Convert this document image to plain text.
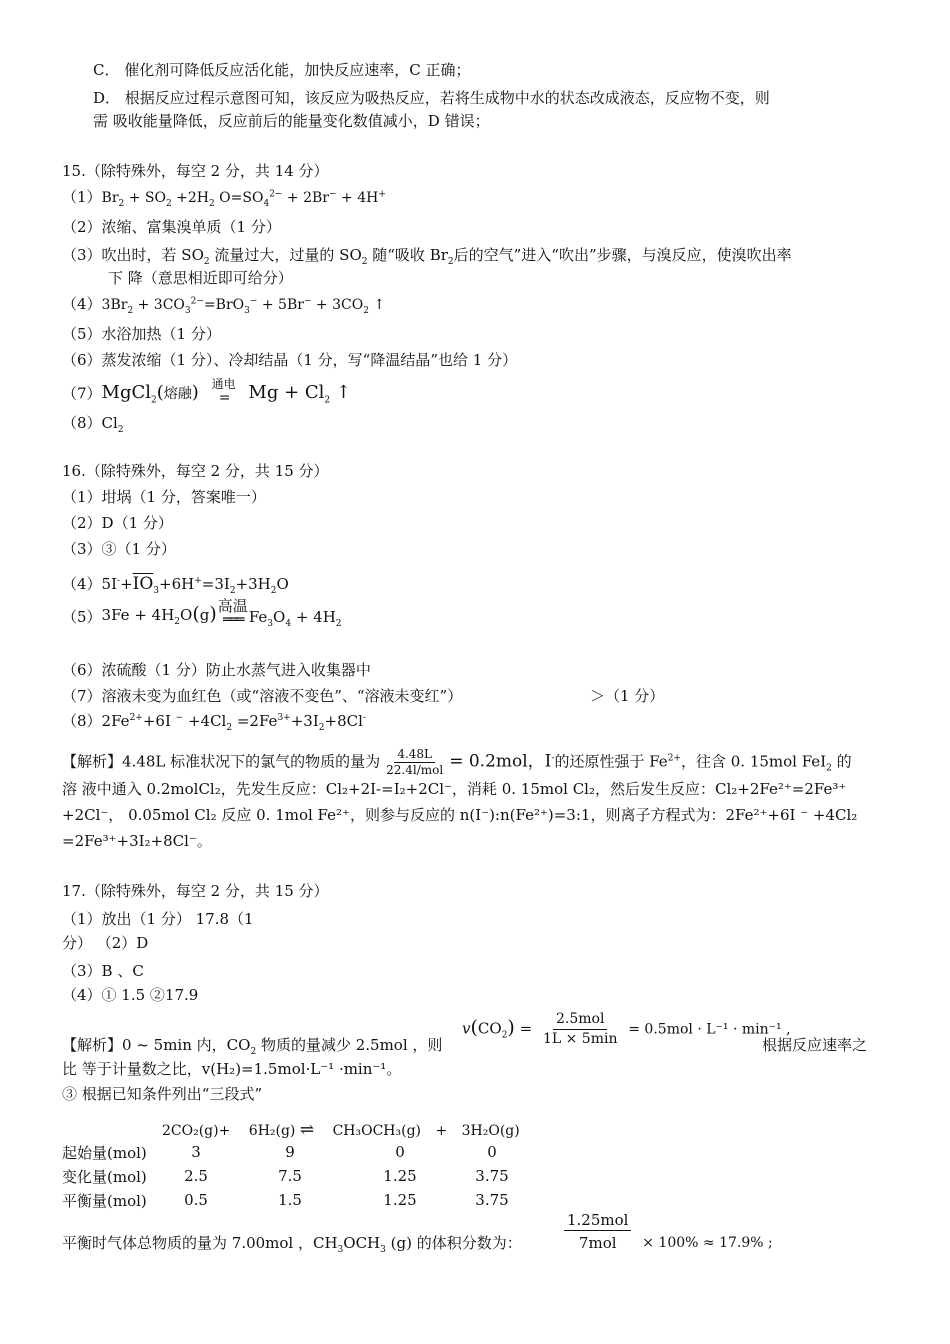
C． 催化剂可降低反应活化能，加快反应速率，C 正确；
D． 根据反应过程示意图可知，该反应为吸热反应，若将生成物中水的状态改成液态，反应物不变，则
需 吸收能量降低，反应前后的能量变化数值减小，D 错误；
15.（除特殊外，每空 2 分，共 14 分）
$(1)Br_2 + SO_2 +2H_2$ $O=SO_4^{2-} + 2Br^- + 4H^+$
（2）浓缩、富集溴单质（1 分）
（3）吹出时，若 $SO_2$ 流量过大，过量的 $SO_2$ 随“吸收 $Br_2$后的空气”进入“吹出”步骤，与溴反应，使溴吹出率
下 降（意思相近即可给分）
$(4)3Br_2 + 3CO_3^{2-}=BrO_3^- + 5Br^- + 3CO_2$ ↑
（5）水浴加热（1 分）
（6）蒸发浓缩（1 分）、冷却结晶（1 分，写“降温结晶”也给 1 分）
（7）MgCl$_2$(熔融) 通电
= $Mg + Cl_2$ ↑
$(8)Cl_2$
16.（除特殊外，每空 2 分，共 15 分）
（1）坩埚（1 分，答案唯一）
（2）D（1 分）
（3）③（1 分）
$(4)5I^-+\overline{IO}_3+6H^+=3I_2+3H_2O$
$(5)3Fe + 4H_2O(g)$ 高温
═══ $Fe_3O_4 + 4H_2$
（6）浓硫酸（1 分）防止水蒸气进入收集器中
（7）溶液未变为血红色（或“溶液不变色”、“溶液未变红”）	＞（1 分）
$(8)2Fe^{2+}+6I$ $^- +4Cl_2 =2Fe^{3+}+3I_2+8Cl^-$
【解析】4.48L 标准状况下的氯气的物质的量为 $\frac{4.48L}{\text{22.4l/mol}} = 0.2mol$，I-的还原性强于 $Fe^{2+}$，往含 0. 15mol FeI$_2$ 的
溶 液中通入 0.2molCl₂，先发生反应：Cl₂+2I-=I₂+2Cl⁻，消耗 0. 15mol Cl₂，然后发生反应：Cl₂+2Fe²⁺=2Fe³⁺
+2Cl⁻， 0.05mol Cl₂ 反应 0. 1mol Fe²⁺，则参与反应的 n(I⁻):n(Fe²⁺)=3:1，则离子方程式为：2Fe²⁺+6I ⁻ +4Cl₂
=2Fe³⁺+3I₂+8Cl⁻。
17.（除特殊外，每空 2 分，共 15 分）
（1）放出（1 分） 17.8（1
分） （2）D
（3）B 、C
（4）① 1.5 ②17.9
【解析】0 ~ 5min 内，$CO_2$ 物质的量减少 2.5mol ，则
$v(CO_2) = \frac{\text{2.5mol}}{1L \times 5\min} = 0.5mol \cdot L^{-1} \cdot \min^{-1}$ ,
根据反应速率之
比 等于计量数之比，v(H₂)=1.5mol·L⁻¹ ·min⁻¹。
③ 根据已知条件列出“三段式”
2CO₂(g)+ 6H₂(g) ⇌ CH₃OCH₃(g) + 3H₂O(g)
起始量(mol)	3	9	0	0
变化量(mol)	2.5	7.5	1.25	3.75
平衡量(mol)	0.5	1.5	1.25	3.75
平衡时气体总物质的量为 7.00mol ，$CH_3OCH_3$ (g) 的体积分数为：	$\frac{\text{1.25mol}}{\text{7mol}} \times 100\% \approx 17.9\%$ ;
